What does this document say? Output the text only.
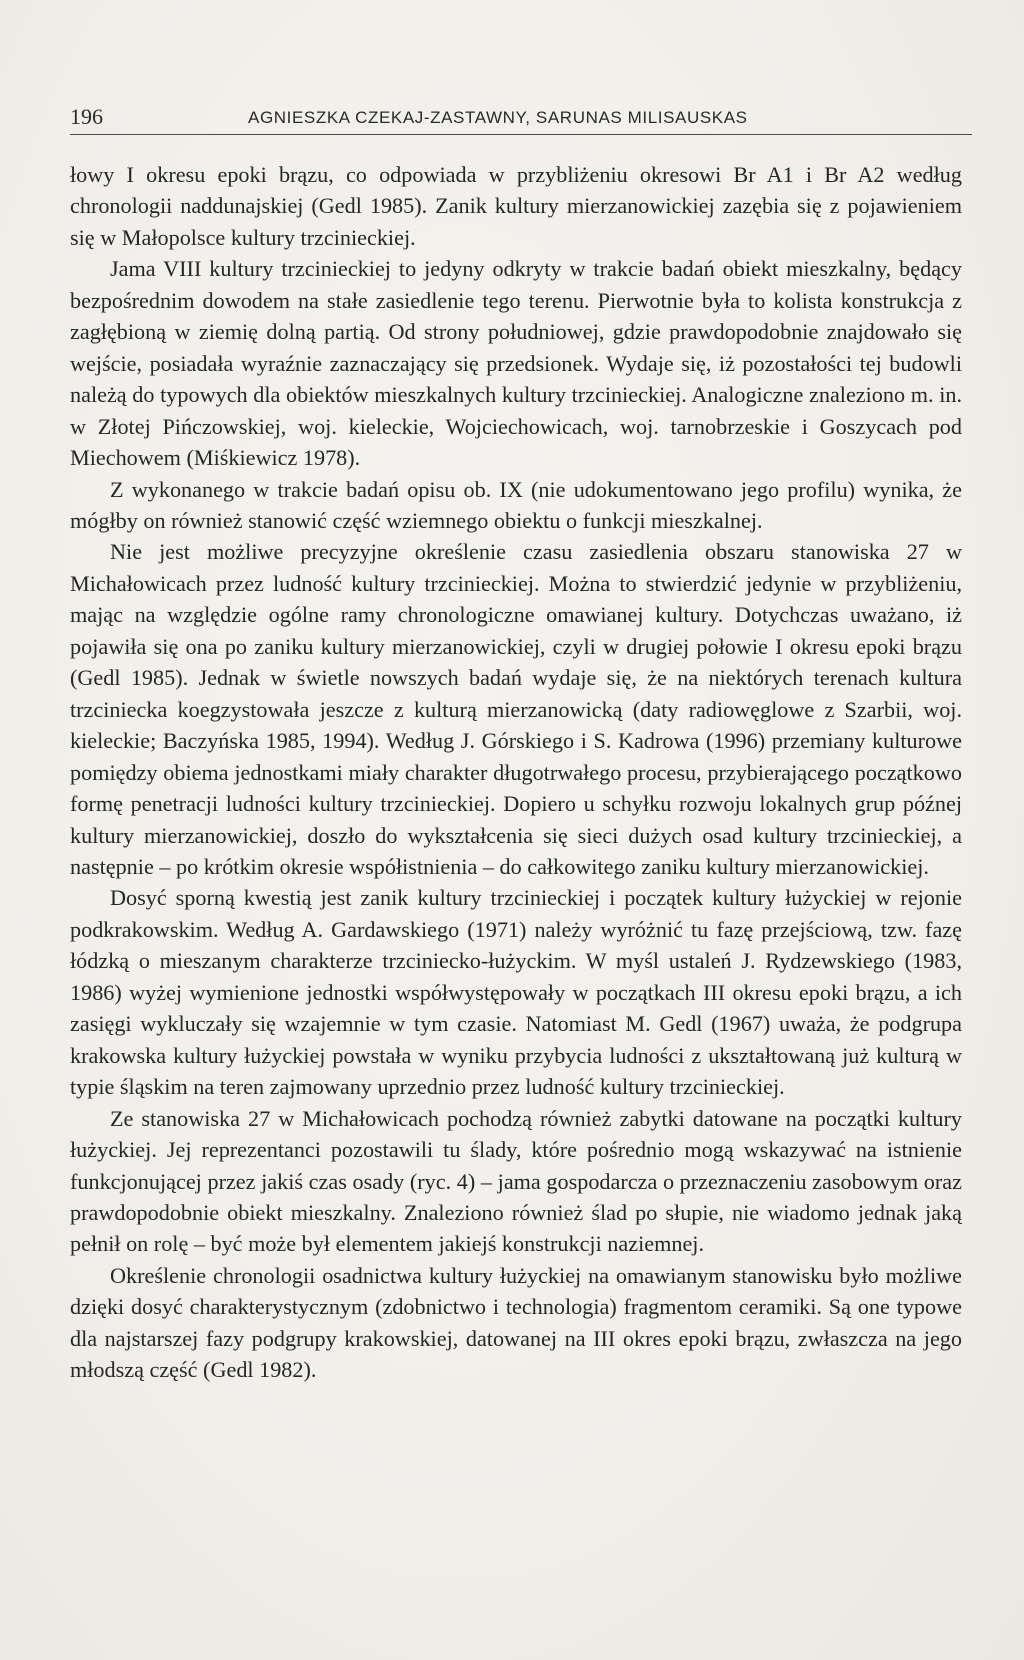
196	AGNIESZKA CZEKAJ-ZASTAWNY, SARUNAS MILISAUSKAS

łowy I okresu epoki brązu, co odpowiada w przybliżeniu okresowi Br A1 i Br A2 według chronologii naddunajskiej (Gedl 1985). Zanik kultury mierzanowickiej zazębia się z pojawieniem się w Małopolsce kultury trzcinieckiej.

Jama VIII kultury trzcinieckiej to jedyny odkryty w trakcie badań obiekt mieszkalny, będący bezpośrednim dowodem na stałe zasiedlenie tego terenu. Pierwotnie była to kolista konstrukcja z zagłębioną w ziemię dolną partią. Od strony południowej, gdzie prawdopodobnie znajdowało się wejście, posiadała wyraźnie zaznaczający się przedsionek. Wydaje się, iż pozostałości tej budowli należą do typowych dla obiektów mieszkalnych kultury trzcinieckiej. Analogiczne znaleziono m. in. w Złotej Pińczowskiej, woj. kieleckie, Wojciechowicach, woj. tarnobrzeskie i Goszycach pod Miechowem (Miśkiewicz 1978).

Z wykonanego w trakcie badań opisu ob. IX (nie udokumentowano jego profilu) wynika, że mógłby on również stanowić część wziemnego obiektu o funkcji mieszkalnej.

Nie jest możliwe precyzyjne określenie czasu zasiedlenia obszaru stanowiska 27 w Michałowicach przez ludność kultury trzcinieckiej. Można to stwierdzić jedynie w przybliżeniu, mając na względzie ogólne ramy chronologiczne omawianej kultury. Dotychczas uważano, iż pojawiła się ona po zaniku kultury mierzanowickiej, czyli w drugiej połowie I okresu epoki brązu (Gedl 1985). Jednak w świetle nowszych badań wydaje się, że na niektórych terenach kultura trzciniecka koegzystowała jeszcze z kulturą mierzanowicką (daty radiowęglowe z Szarbii, woj. kieleckie; Baczyńska 1985, 1994). Według J. Górskiego i S. Kadrowa (1996) przemiany kulturowe pomiędzy obiema jednostkami miały charakter długotrwałego procesu, przybierającego początkowo formę penetracji ludności kultury trzcinieckiej. Dopiero u schyłku rozwoju lokalnych grup późnej kultury mierzanowickiej, doszło do wykształcenia się sieci dużych osad kultury trzcinieckiej, a następnie – po krótkim okresie współistnienia – do całkowitego zaniku kultury mierzanowickiej.

Dosyć sporną kwestią jest zanik kultury trzcinieckiej i początek kultury łużyckiej w rejonie podkrakowskim. Według A. Gardawskiego (1971) należy wyróżnić tu fazę przejściową, tzw. fazę łódzką o mieszanym charakterze trzciniecko-łużyckim. W myśl ustaleń J. Rydzewskiego (1983, 1986) wyżej wymienione jednostki współwystępowały w początkach III okresu epoki brązu, a ich zasięgi wykluczały się wzajemnie w tym czasie. Natomiast M. Gedl (1967) uważa, że podgrupa krakowska kultury łużyckiej powstała w wyniku przybycia ludności z ukształtowaną już kulturą w typie śląskim na teren zajmowany uprzednio przez ludność kultury trzcinieckiej.

Ze stanowiska 27 w Michałowicach pochodzą również zabytki datowane na początki kultury łużyckiej. Jej reprezentanci pozostawili tu ślady, które pośrednio mogą wskazywać na istnienie funkcjonującej przez jakiś czas osady (ryc. 4) – jama gospodarcza o przeznaczeniu zasobowym oraz prawdopodobnie obiekt mieszkalny. Znaleziono również ślad po słupie, nie wiadomo jednak jaką pełnił on rolę – być może był elementem jakiejś konstrukcji naziemnej.

Określenie chronologii osadnictwa kultury łużyckiej na omawianym stanowisku było możliwe dzięki dosyć charakterystycznym (zdobnictwo i technologia) fragmentom ceramiki. Są one typowe dla najstarszej fazy podgrupy krakowskiej, datowanej na III okres epoki brązu, zwłaszcza na jego młodszą część (Gedl 1982).
